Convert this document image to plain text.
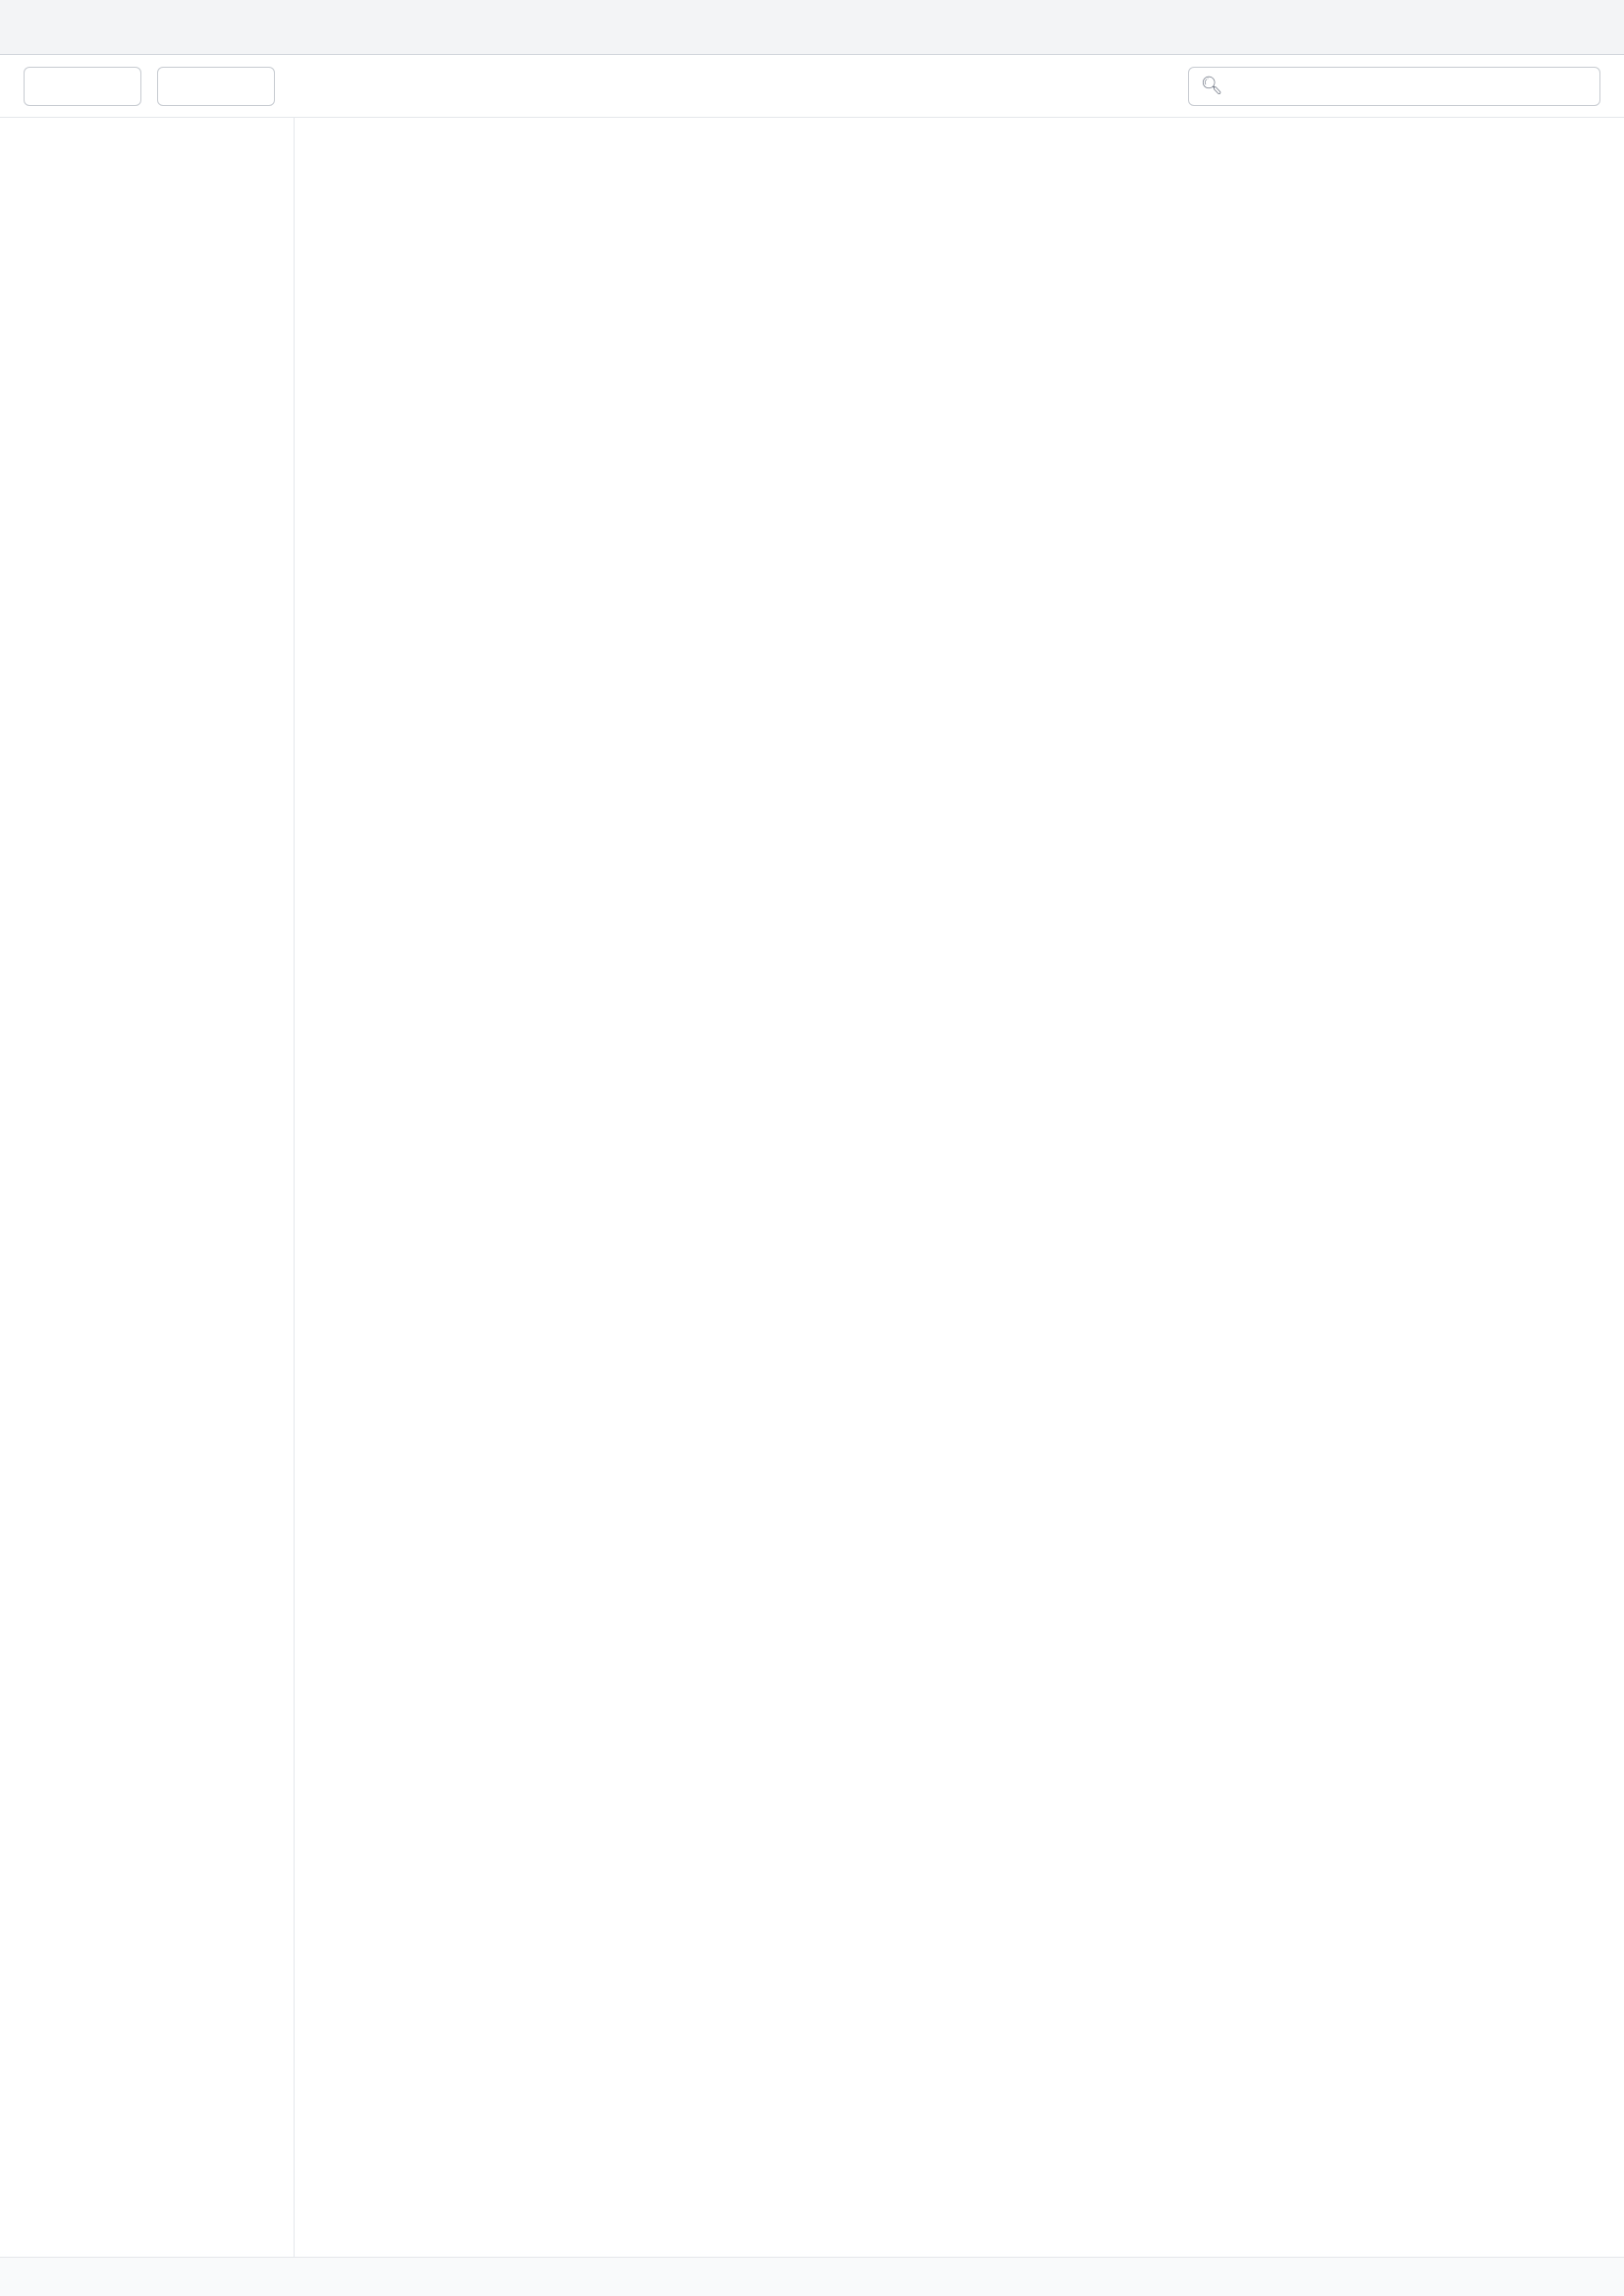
🔍︎
